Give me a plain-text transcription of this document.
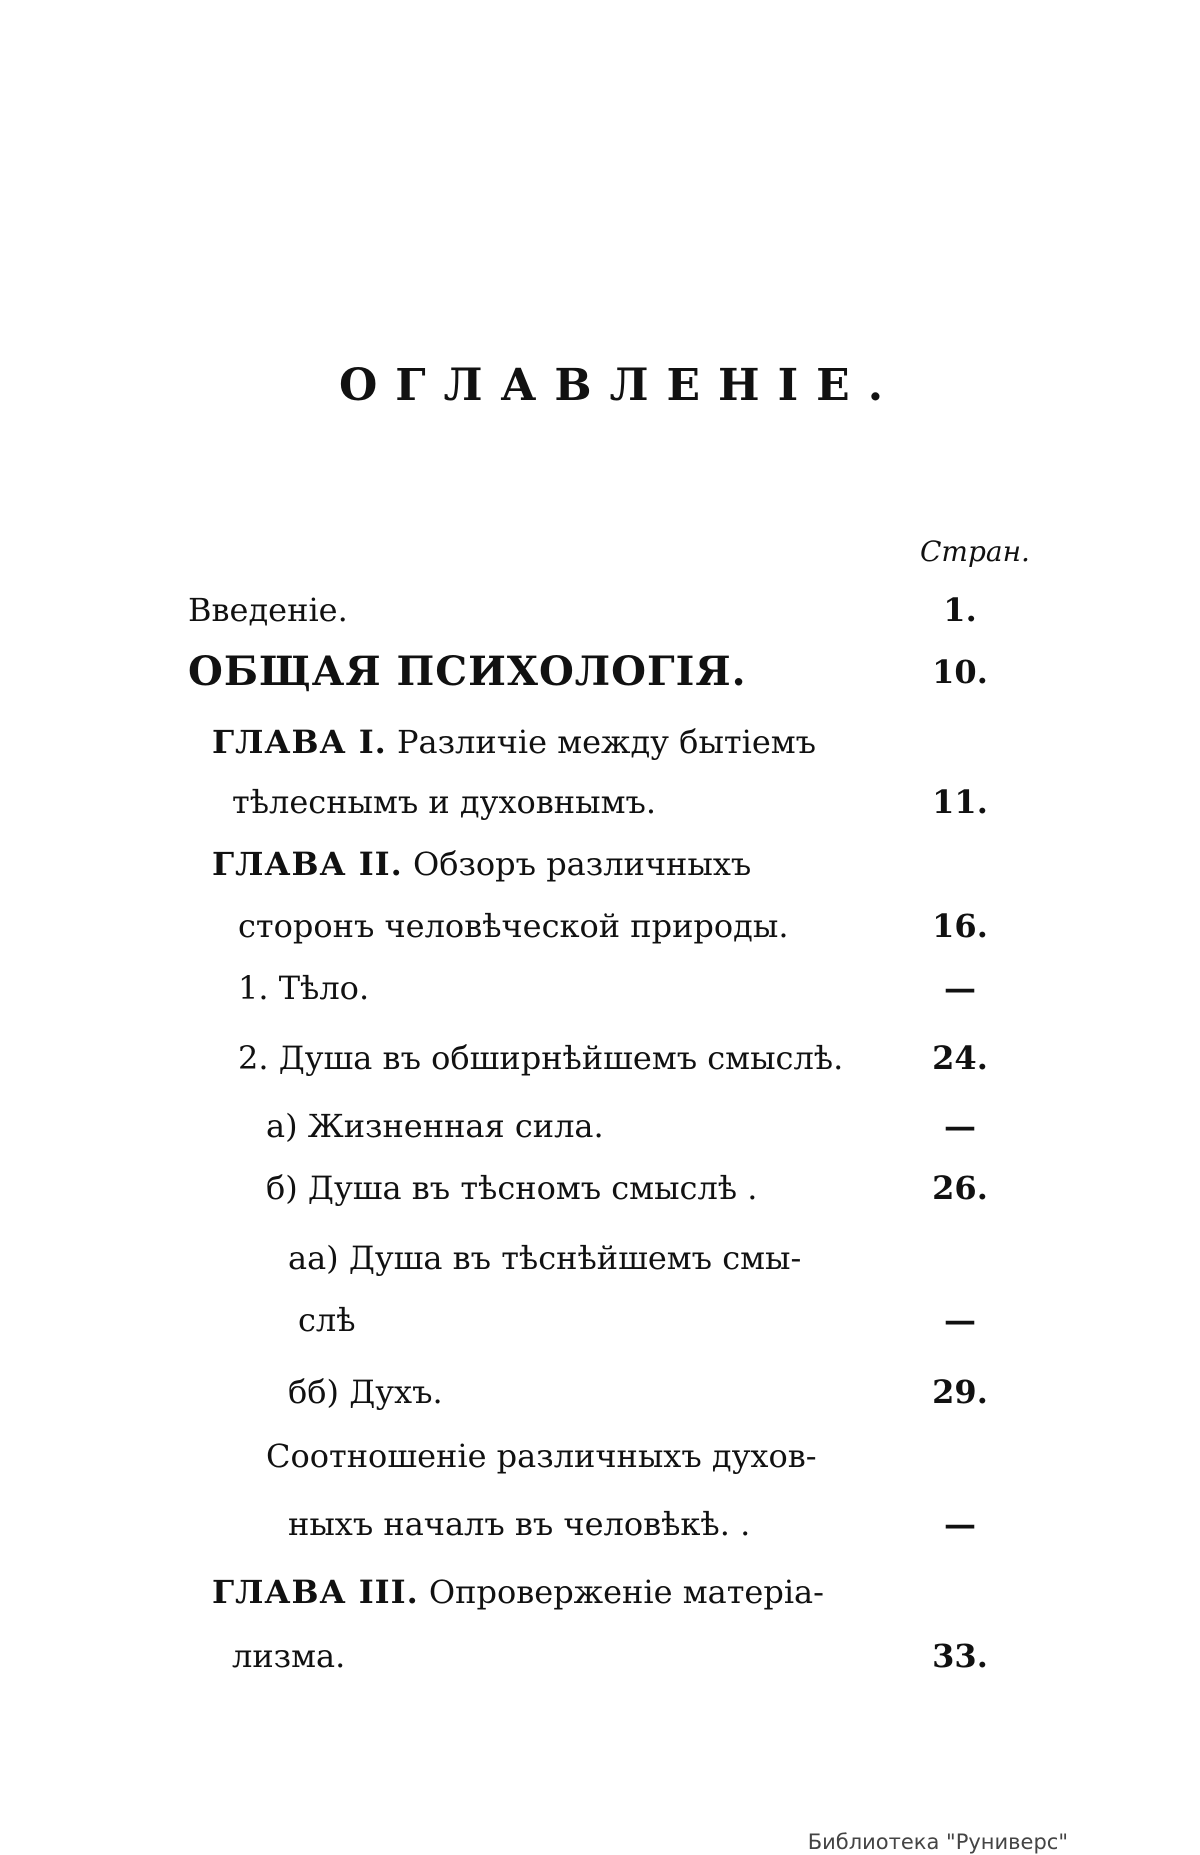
ОГЛАВЛЕНІЕ.
Стран.
Введеніе.	1.
ОБЩАЯ ПСИХОЛОГІЯ.	10.
ГЛАВА I. Различіе между бытіемъ
тѣлеснымъ и духовнымъ.	11.
ГЛАВА II. Обзоръ различныхъ
сторонъ человѣческой природы.	16.
1. Тѣло.	—
2. Душа въ обширнѣйшемъ смыслѣ.	24.
а) Жизненная сила.	—
б) Душа въ тѣсномъ смыслѣ .	26.
аа) Душа въ тѣснѣйшемъ смы-
слѣ	—
бб) Духъ.	29.
Соотношеніе различныхъ духов-
ныхъ началъ въ человѣкѣ. .	—
ГЛАВА III. Опроверженіе матеріа-
лизма.	33.
Библиотека "Руниверс"
